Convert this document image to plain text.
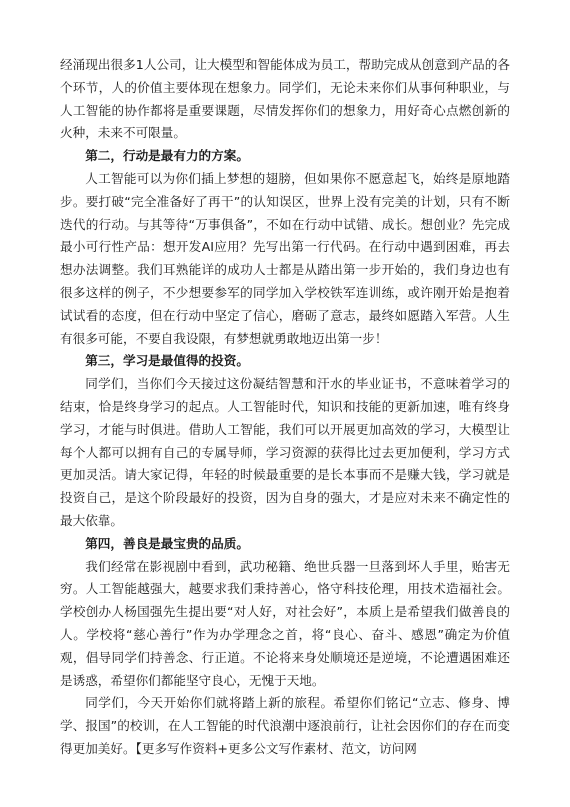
经涌现出很多1人公司，让大模型和智能体成为员工，帮助完成从创意到产品的各个环节，人的价值主要体现在想象力。同学们，无论未来你们从事何种职业，与人工智能的协作都将是重要课题，尽情发挥你们的想象力，用好奇心点燃创新的火种，未来不可限量。

第二，行动是最有力的方案。

人工智能可以为你们插上梦想的翅膀，但如果你不愿意起飞，始终是原地踏步。要打破“完全准备好了再干”的认知误区，世界上没有完美的计划，只有不断迭代的行动。与其等待“万事俱备”，不如在行动中试错、成长。想创业？先完成最小可行性产品：想开发AI应用？先写出第一行代码。在行动中遇到困难，再去想办法调整。我们耳熟能详的成功人士都是从踏出第一步开始的，我们身边也有很多这样的例子，不少想要参军的同学加入学校铁军连训练，或许刚开始是抱着试试看的态度，但在行动中坚定了信心，磨砺了意志，最终如愿踏入军营。人生有很多可能，不要自我设限，有梦想就勇敢地迈出第一步！

第三，学习是最值得的投资。

同学们，当你们今天接过这份凝结智慧和汗水的毕业证书，不意味着学习的结束，恰是终身学习的起点。人工智能时代，知识和技能的更新加速，唯有终身学习，才能与时俱进。借助人工智能，我们可以开展更加高效的学习，大模型让每个人都可以拥有自己的专属导师，学习资源的获得比过去更加便利，学习方式更加灵活。请大家记得，年轻的时候最重要的是长本事而不是赚大钱，学习就是投资自己，是这个阶段最好的投资，因为自身的强大，才是应对未来不确定性的最大依靠。

第四，善良是最宝贵的品质。

我们经常在影视剧中看到，武功秘籍、绝世兵器一旦落到坏人手里，贻害无穷。人工智能越强大，越要求我们秉持善心，恪守科技伦理，用技术造福社会。学校创办人杨国强先生提出要“对人好，对社会好”，本质上是希望我们做善良的人。学校将“慈心善行”作为办学理念之首，将“良心、奋斗、感恩”确定为价值观，倡导同学们持善念、行正道。不论将来身处顺境还是逆境，不论遭遇困难还是诱惑，希望你们都能坚守良心，无愧于天地。

同学们，今天开始你们就将踏上新的旅程。希望你们铭记“立志、修身、博学、报国”的校训，在人工智能的时代浪潮中逐浪前行，让社会因你们的存在而变得更加美好。【更多写作资料+更多公文写作素材、范文，访问网
